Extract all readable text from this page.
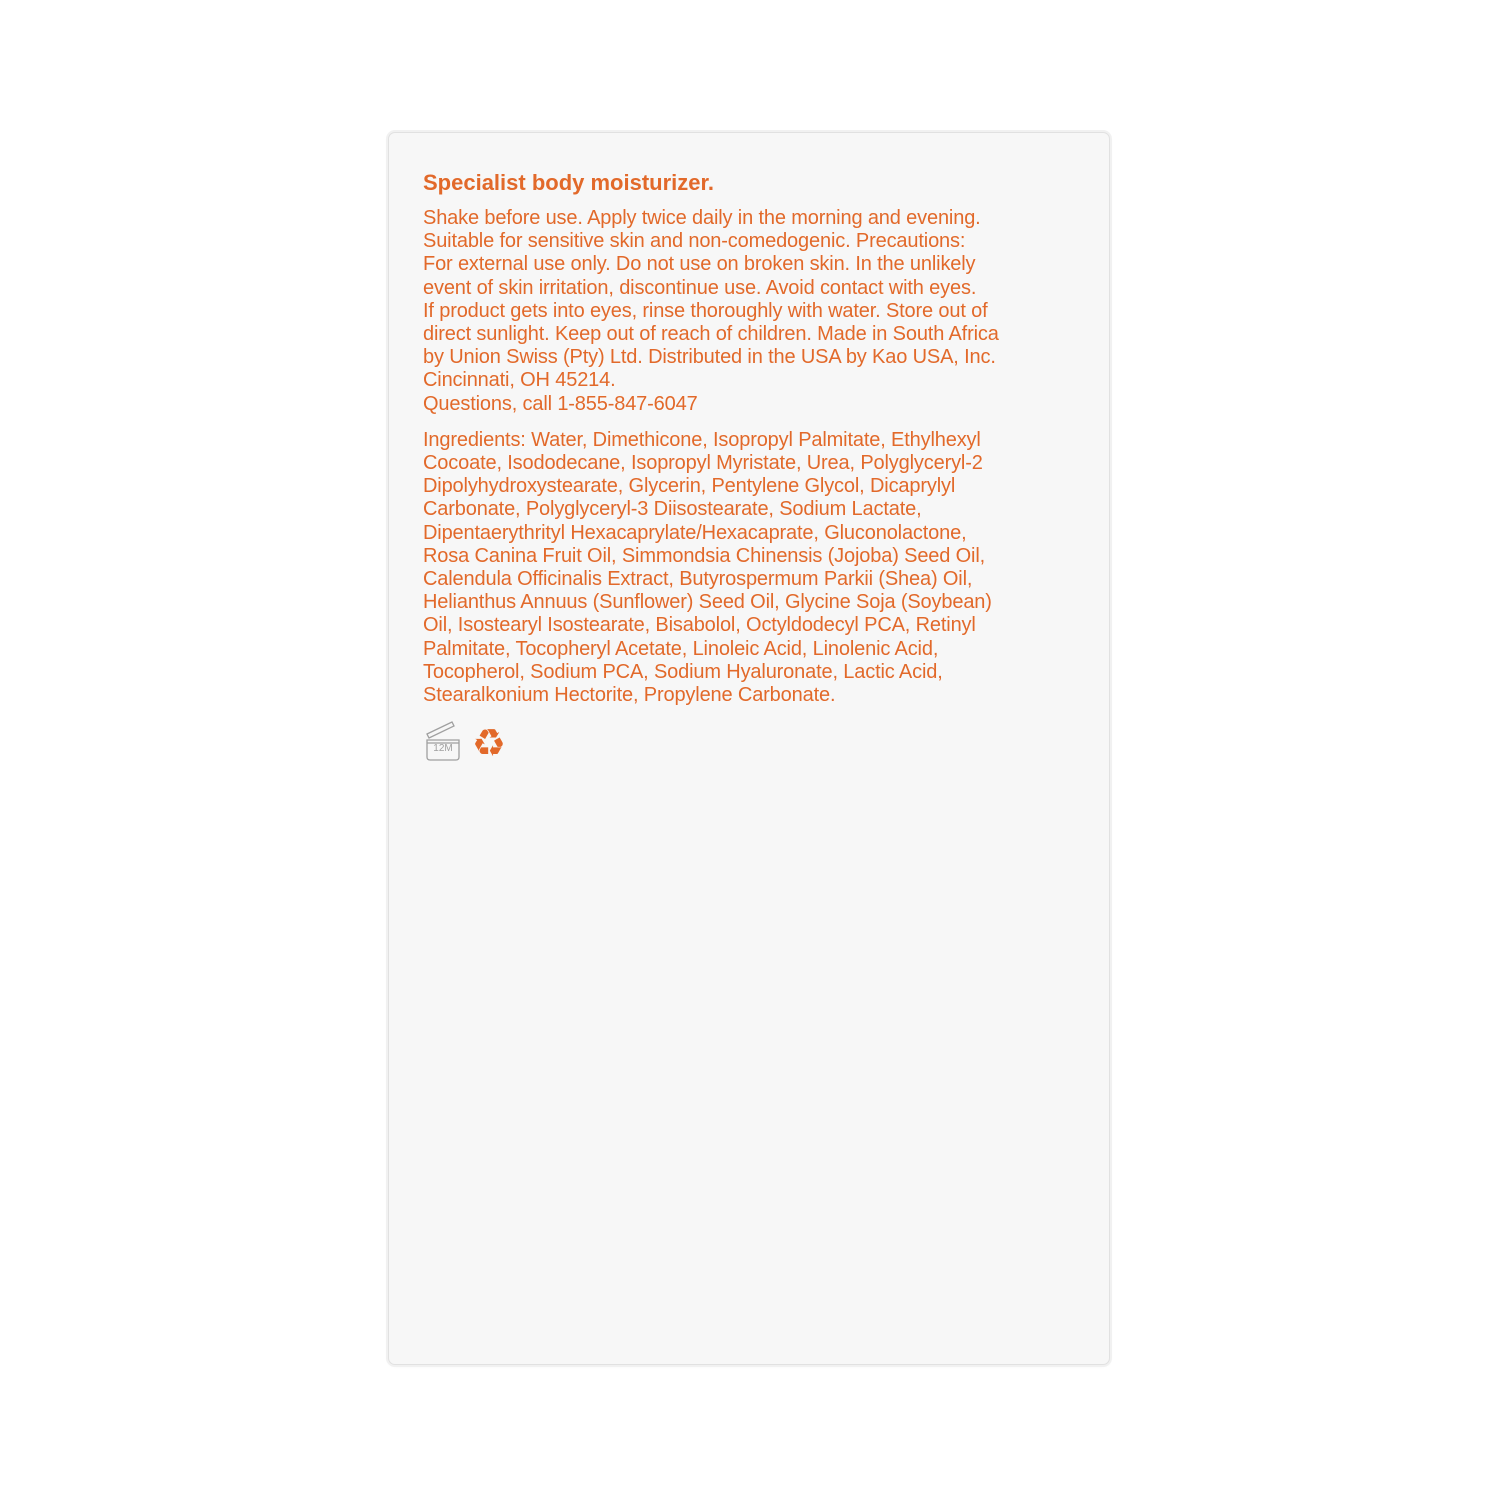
Specialist body moisturizer.

Shake before use. Apply twice daily in the morning and evening.
Suitable for sensitive skin and non-comedogenic. Precautions:
For external use only. Do not use on broken skin. In the unlikely
event of skin irritation, discontinue use. Avoid contact with eyes.
If product gets into eyes, rinse thoroughly with water. Store out of
direct sunlight. Keep out of reach of children. Made in South Africa
by Union Swiss (Pty) Ltd. Distributed in the USA by Kao USA, Inc.
Cincinnati, OH 45214.
Questions, call 1-855-847-6047

Ingredients: Water, Dimethicone, Isopropyl Palmitate, Ethylhexyl
Cocoate, Isododecane, Isopropyl Myristate, Urea, Polyglyceryl-2
Dipolyhydroxystearate, Glycerin, Pentylene Glycol, Dicaprylyl
Carbonate, Polyglyceryl-3 Diisostearate, Sodium Lactate,
Dipentaerythrityl Hexacaprylate/Hexacaprate, Gluconolactone,
Rosa Canina Fruit Oil, Simmondsia Chinensis (Jojoba) Seed Oil,
Calendula Officinalis Extract, Butyrospermum Parkii (Shea) Oil,
Helianthus Annuus (Sunflower) Seed Oil, Glycine Soja (Soybean)
Oil, Isostearyl Isostearate, Bisabolol, Octyldodecyl PCA, Retinyl
Palmitate, Tocopheryl Acetate, Linoleic Acid, Linolenic Acid,
Tocopherol, Sodium PCA, Sodium Hyaluronate, Lactic Acid,
Stearalkonium Hectorite, Propylene Carbonate.

12M ♻
